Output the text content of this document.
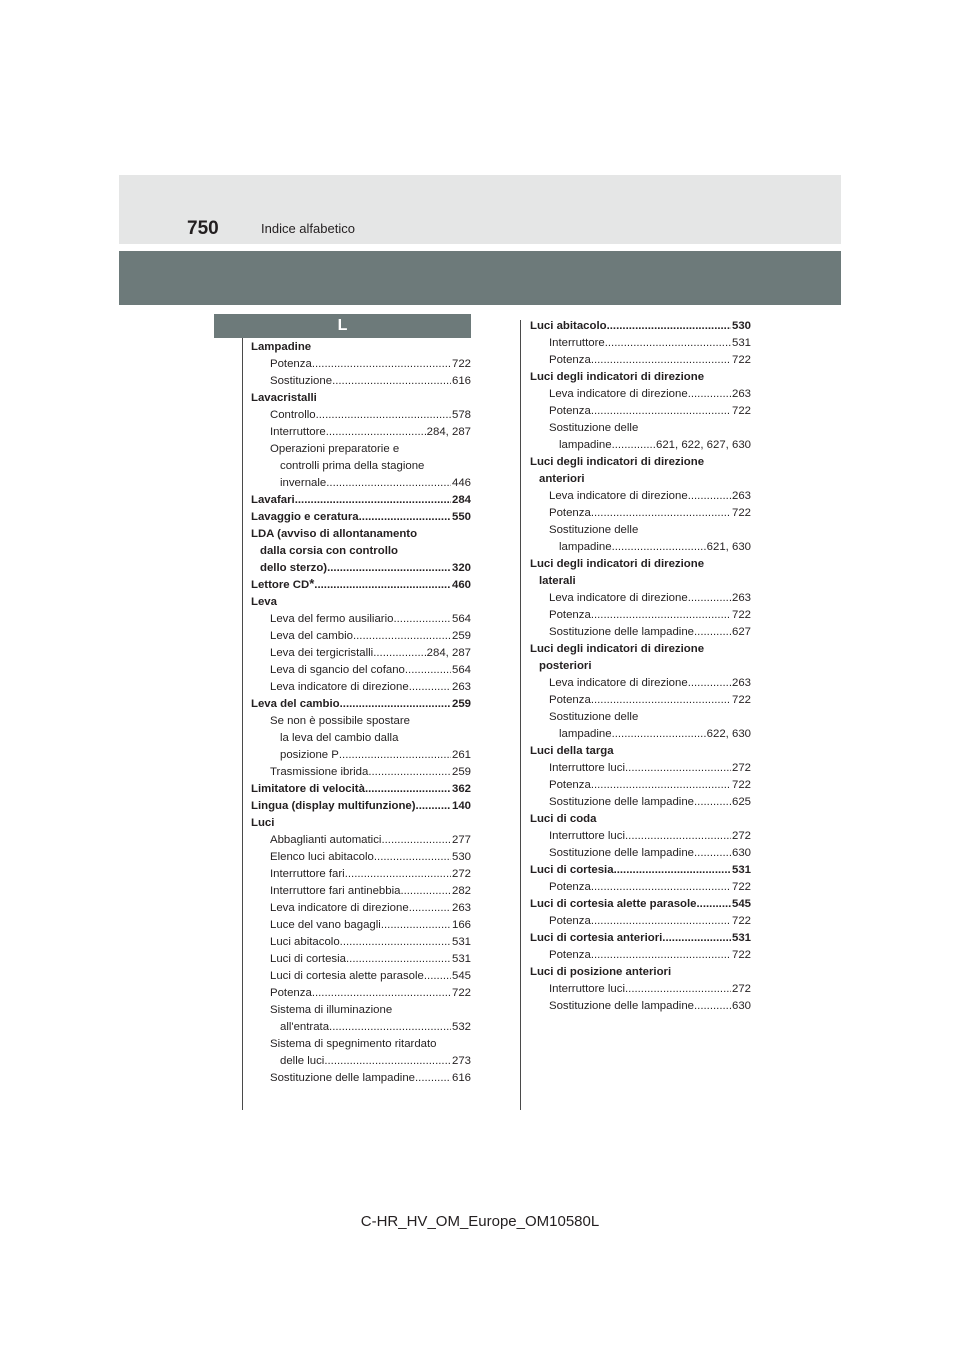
750	Indice alfabetico
L
Lampadine
Potenza .....	722
Sostituzione .....	616
Lavacristalli
Controllo .....	578
Interruttore .....	284, 287
Operazioni preparatorie e
controlli prima della stagione
invernale .....	446
Lavafari .....	284
Lavaggio e ceratura .....	550
LDA (avviso di allontanamento
dalla corsia con controllo
dello sterzo) .....	320
Lettore CD * .....	460
Leva
Leva del fermo ausiliario .....	564
Leva del cambio .....	259
Leva dei tergicristalli .....	284, 287
Leva di sgancio del cofano .....	564
Leva indicatore di direzione .....	263
Leva del cambio .....	259
Se non è possibile spostare
la leva del cambio dalla
posizione P .....	261
Trasmissione ibrida .....	259
Limitatore di velocità .....	362
Lingua (display multifunzione) .....	140
Luci
Abbaglianti automatici .....	277
Elenco luci abitacolo .....	530
Interruttore fari .....	272
Interruttore fari antinebbia .....	282
Leva indicatore di direzione .....	263
Luce del vano bagagli .....	166
Luci abitacolo .....	531
Luci di cortesia .....	531
Luci di cortesia alette parasole ..... 545
Potenza .....	722
Sistema di illuminazione
all'entrata .....	532
Sistema di spegnimento ritardato
delle luci .....	273
Sostituzione delle lampadine .....	616
Luci abitacolo .....	530
Interruttore .....	531
Potenza .....	722
Luci degli indicatori di direzione
Leva indicatore di direzione .....	263
Potenza .....	722
Sostituzione delle
lampadine .....	621, 622, 627, 630
Luci degli indicatori di direzione
anteriori
Leva indicatore di direzione .....	263
Potenza .....	722
Sostituzione delle
lampadine .....	621, 630
Luci degli indicatori di direzione
laterali
Leva indicatore di direzione .....	263
Potenza .....	722
Sostituzione delle lampadine .....	627
Luci degli indicatori di direzione
posteriori
Leva indicatore di direzione .....	263
Potenza .....	722
Sostituzione delle
lampadine .....	622, 630
Luci della targa
Interruttore luci .....	272
Potenza .....	722
Sostituzione delle lampadine .....	625
Luci di coda
Interruttore luci .....	272
Sostituzione delle lampadine .....	630
Luci di cortesia .....	531
Potenza .....	722
Luci di cortesia alette parasole .....	545
Potenza .....	722
Luci di cortesia anteriori .....	531
Potenza .....	722
Luci di posizione anteriori
Interruttore luci .....	272
Sostituzione delle lampadine .....	630
C-HR_HV_OM_Europe_OM10580L
